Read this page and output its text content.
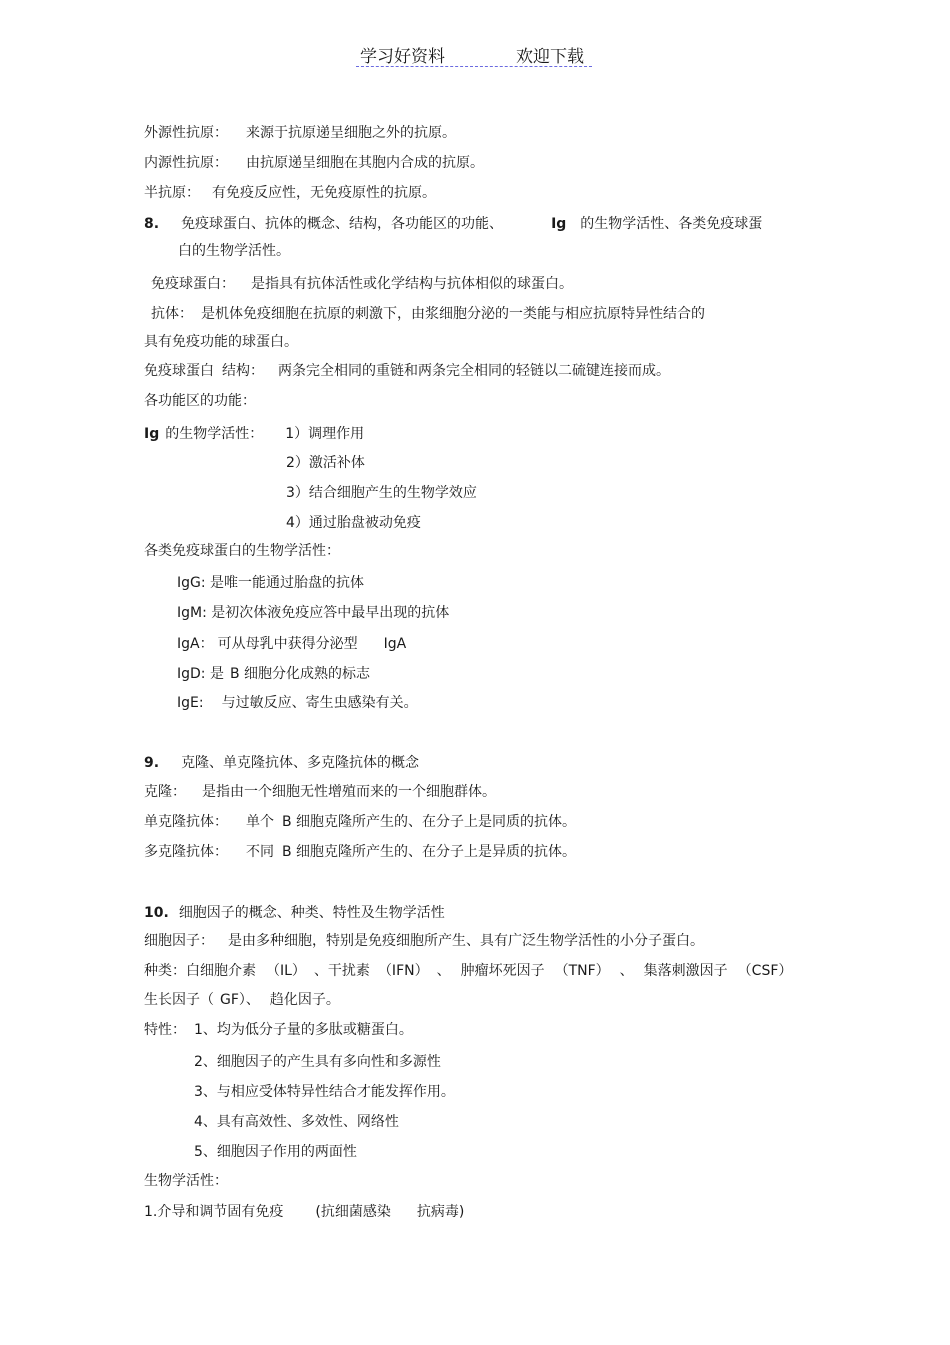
学习好资料	欢迎下载
外源性抗原： 来源于抗原递呈细胞之外的抗原。
内源性抗原： 由抗原递呈细胞在其胞内合成的抗原。
半抗原： 有免疫反应性，无免疫原性的抗原。
8. 免疫球蛋白、抗体的概念、结构，各功能区的功能、	Ig 的生物学活性、各类免疫球蛋
白的生物学活性。
免疫球蛋白： 是指具有抗体活性或化学结构与抗体相似的球蛋白。
抗体： 是机体免疫细胞在抗原的刺激下，由浆细胞分泌的一类能与相应抗原特异性结合的
具有免疫功能的球蛋白。
免疫球蛋白 结构： 两条完全相同的重链和两条完全相同的轻链以二硫键连接而成。
各功能区的功能：
Ig 的生物学活性： 1）调理作用
2）激活补体
3）结合细胞产生的生物学效应
4）通过胎盘被动免疫
各类免疫球蛋白的生物学活性：
IgG: 是唯一能通过胎盘的抗体
IgM: 是初次体液免疫应答中最早出现的抗体
IgA： 可从母乳中获得分泌型 IgA
IgD: 是 B 细胞分化成熟的标志
IgE: 与过敏反应、寄生虫感染有关。
9. 克隆、单克隆抗体、多克隆抗体的概念
克隆： 是指由一个细胞无性增殖而来的一个细胞群体。
单克隆抗体： 单个 B 细胞克隆所产生的、在分子上是同质的抗体。
多克隆抗体： 不同 B 细胞克隆所产生的、在分子上是异质的抗体。
10. 细胞因子的概念、种类、特性及生物学活性
细胞因子： 是由多种细胞，特别是免疫细胞所产生、具有广泛生物学活性的小分子蛋白。
种类：白细胞介素 （IL） 、干扰素 （IFN） 、 肿瘤坏死因子 （TNF） 、 集落刺激因子 （CSF）
生长因子（ GF）、 趋化因子。
特性： 1、均为低分子量的多肽或糖蛋白。
2、细胞因子的产生具有多向性和多源性
3、与相应受体特异性结合才能发挥作用。
4、具有高效性、多效性、网络性
5、细胞因子作用的两面性
生物学活性：
1.介导和调节固有免疫 (抗细菌感染 抗病毒)
